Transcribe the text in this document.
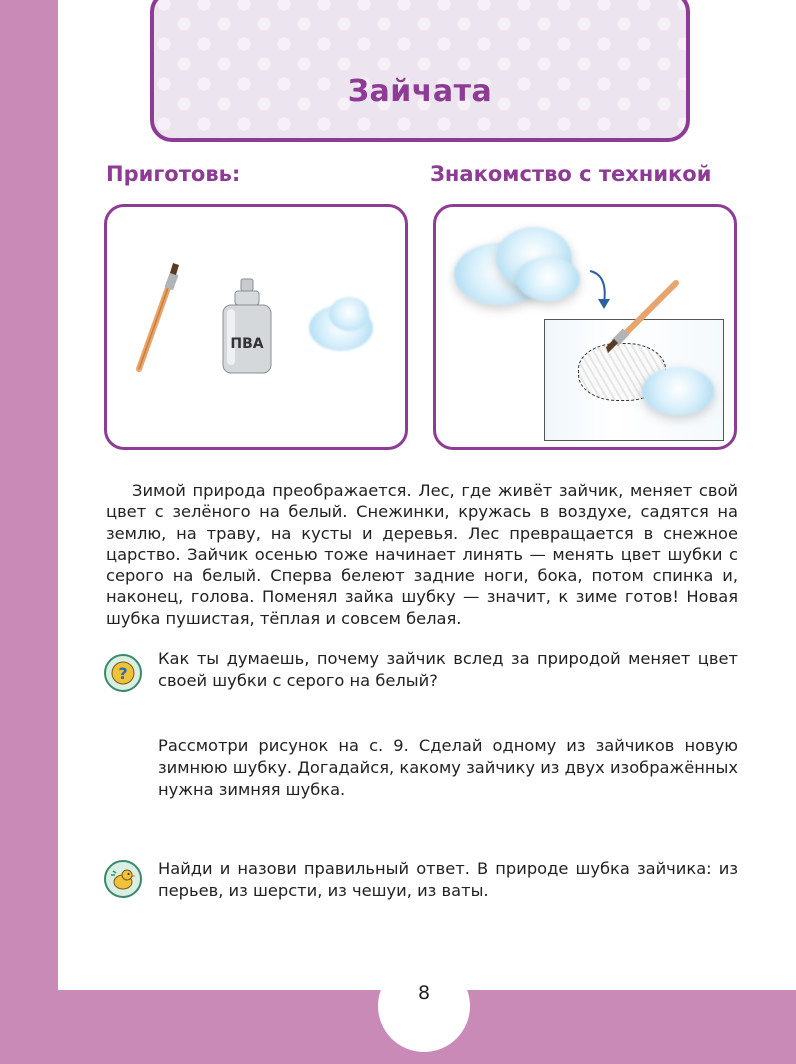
Зайчата
Приготовь:	Знакомство с техникой
ПВА
Зимой природа преображается. Лес, где живёт зайчик, меняет свой цвет с зелёного на белый. Снежинки, кружась в воздухе, садятся на землю, на траву, на кусты и деревья. Лес превращается в снежное царство. Зайчик осенью тоже начинает линять — менять цвет шубки с серого на белый. Сперва белеют задние ноги, бока, потом спинка и, наконец, голова. Поменял зайка шубку — значит, к зиме готов! Новая шубка пушистая, тёплая и совсем белая.
?
Как ты думаешь, почему зайчик вслед за природой меняет цвет своей шубки с серого на белый?
Рассмотри рисунок на с. 9. Сделай одному из зайчиков новую зимнюю шубку. Догадайся, какому зайчику из двух изображённых нужна зимняя шубка.
Найди и назови правильный ответ. В природе шубка зайчика: из перьев, из шерсти, из чешуи, из ваты.
8
